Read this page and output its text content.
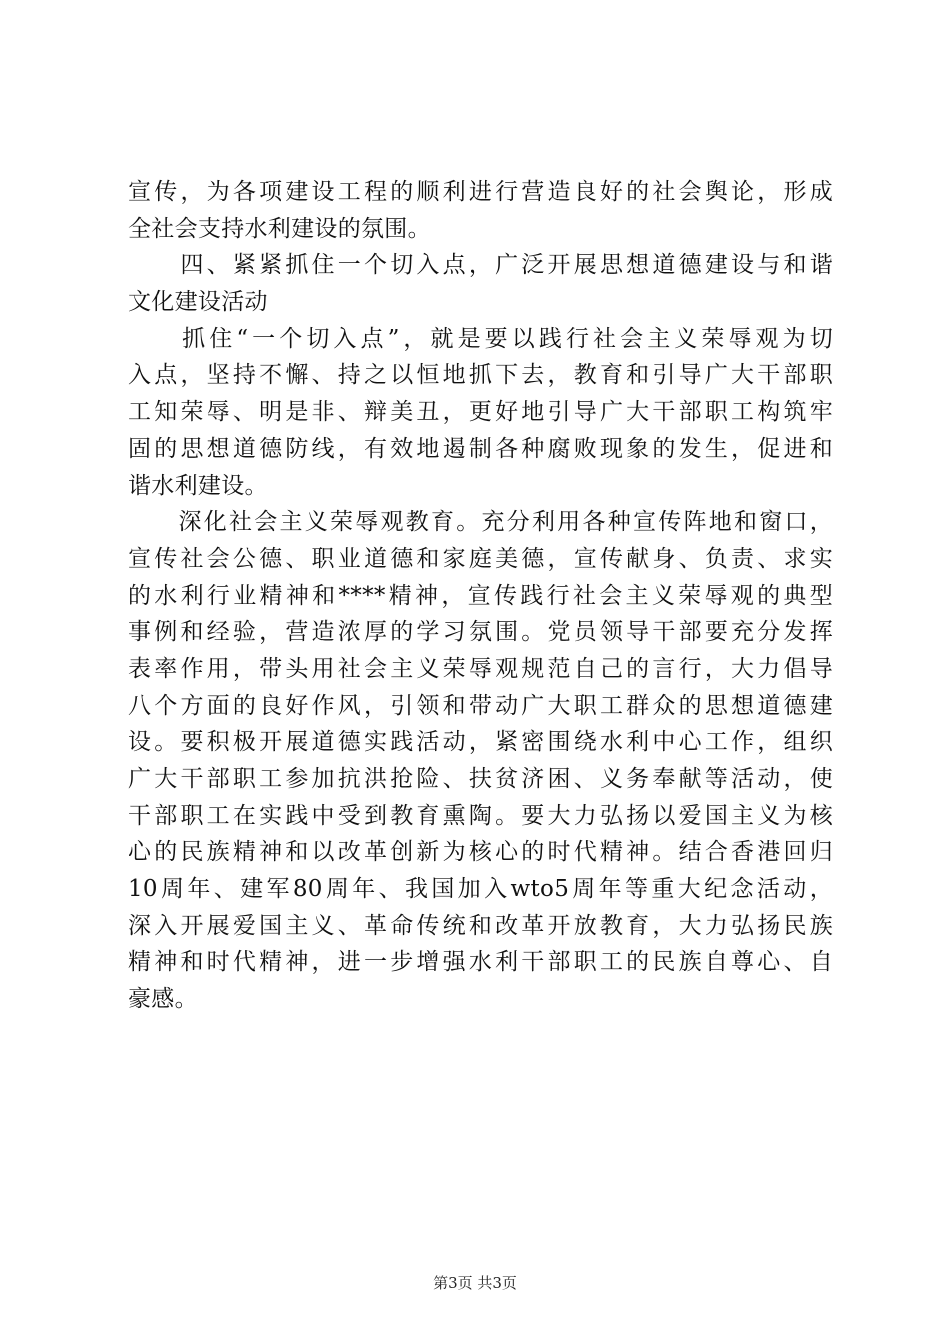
宣传，为各项建设工程的顺利进行营造良好的社会舆论，形成
全社会支持水利建设的氛围。
　　四、紧紧抓住一个切入点，广泛开展思想道德建设与和谐
文化建设活动
　　抓住“一个切入点”，就是要以践行社会主义荣辱观为切
入点，坚持不懈、持之以恒地抓下去，教育和引导广大干部职
工知荣辱、明是非、辩美丑，更好地引导广大干部职工构筑牢
固的思想道德防线，有效地遏制各种腐败现象的发生，促进和
谐水利建设。
　　深化社会主义荣辱观教育。充分利用各种宣传阵地和窗口，
宣传社会公德、职业道德和家庭美德，宣传献身、负责、求实
的水利行业精神和****精神，宣传践行社会主义荣辱观的典型
事例和经验，营造浓厚的学习氛围。党员领导干部要充分发挥
表率作用，带头用社会主义荣辱观规范自己的言行，大力倡导
八个方面的良好作风，引领和带动广大职工群众的思想道德建
设。要积极开展道德实践活动，紧密围绕水利中心工作，组织
广大干部职工参加抗洪抢险、扶贫济困、义务奉献等活动，使
干部职工在实践中受到教育熏陶。要大力弘扬以爱国主义为核
心的民族精神和以改革创新为核心的时代精神。结合香港回归
10周年、建军80周年、我国加入wto5周年等重大纪念活动，
深入开展爱国主义、革命传统和改革开放教育，大力弘扬民族
精神和时代精神，进一步增强水利干部职工的民族自尊心、自
豪感。
第3页 共3页
